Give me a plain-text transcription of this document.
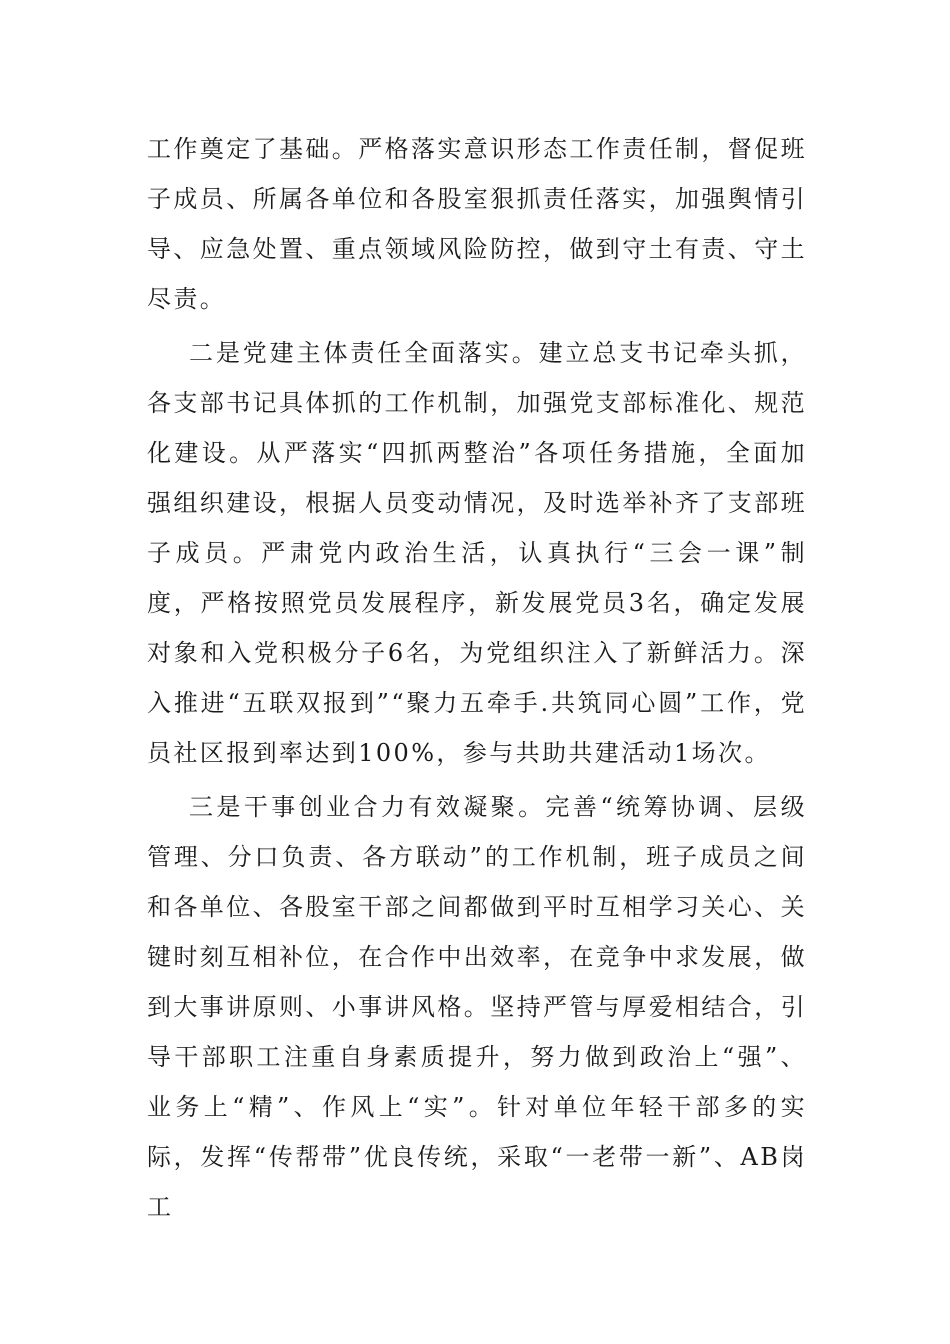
工作奠定了基础。严格落实意识形态工作责任制，督促班子成员、所属各单位和各股室狠抓责任落实，加强舆情引导、应急处置、重点领域风险防控，做到守土有责、守土尽责。

二是党建主体责任全面落实。建立总支书记牵头抓，各支部书记具体抓的工作机制，加强党支部标准化、规范化建设。从严落实“四抓两整治”各项任务措施，全面加强组织建设，根据人员变动情况，及时选举补齐了支部班子成员。严肃党内政治生活，认真执行“三会一课”制度，严格按照党员发展程序，新发展党员3名，确定发展对象和入党积极分子6名，为党组织注入了新鲜活力。深入推进“五联双报到”“聚力五牵手.共筑同心圆”工作，党员社区报到率达到100%，参与共助共建活动1场次。

三是干事创业合力有效凝聚。完善“统筹协调、层级管理、分口负责、各方联动”的工作机制，班子成员之间和各单位、各股室干部之间都做到平时互相学习关心、关键时刻互相补位，在合作中出效率，在竞争中求发展，做到大事讲原则、小事讲风格。坚持严管与厚爱相结合，引导干部职工注重自身素质提升，努力做到政治上“强”、业务上“精”、作风上“实”。针对单位年轻干部多的实际，发挥“传帮带”优良传统，采取“一老带一新”、AB岗工
